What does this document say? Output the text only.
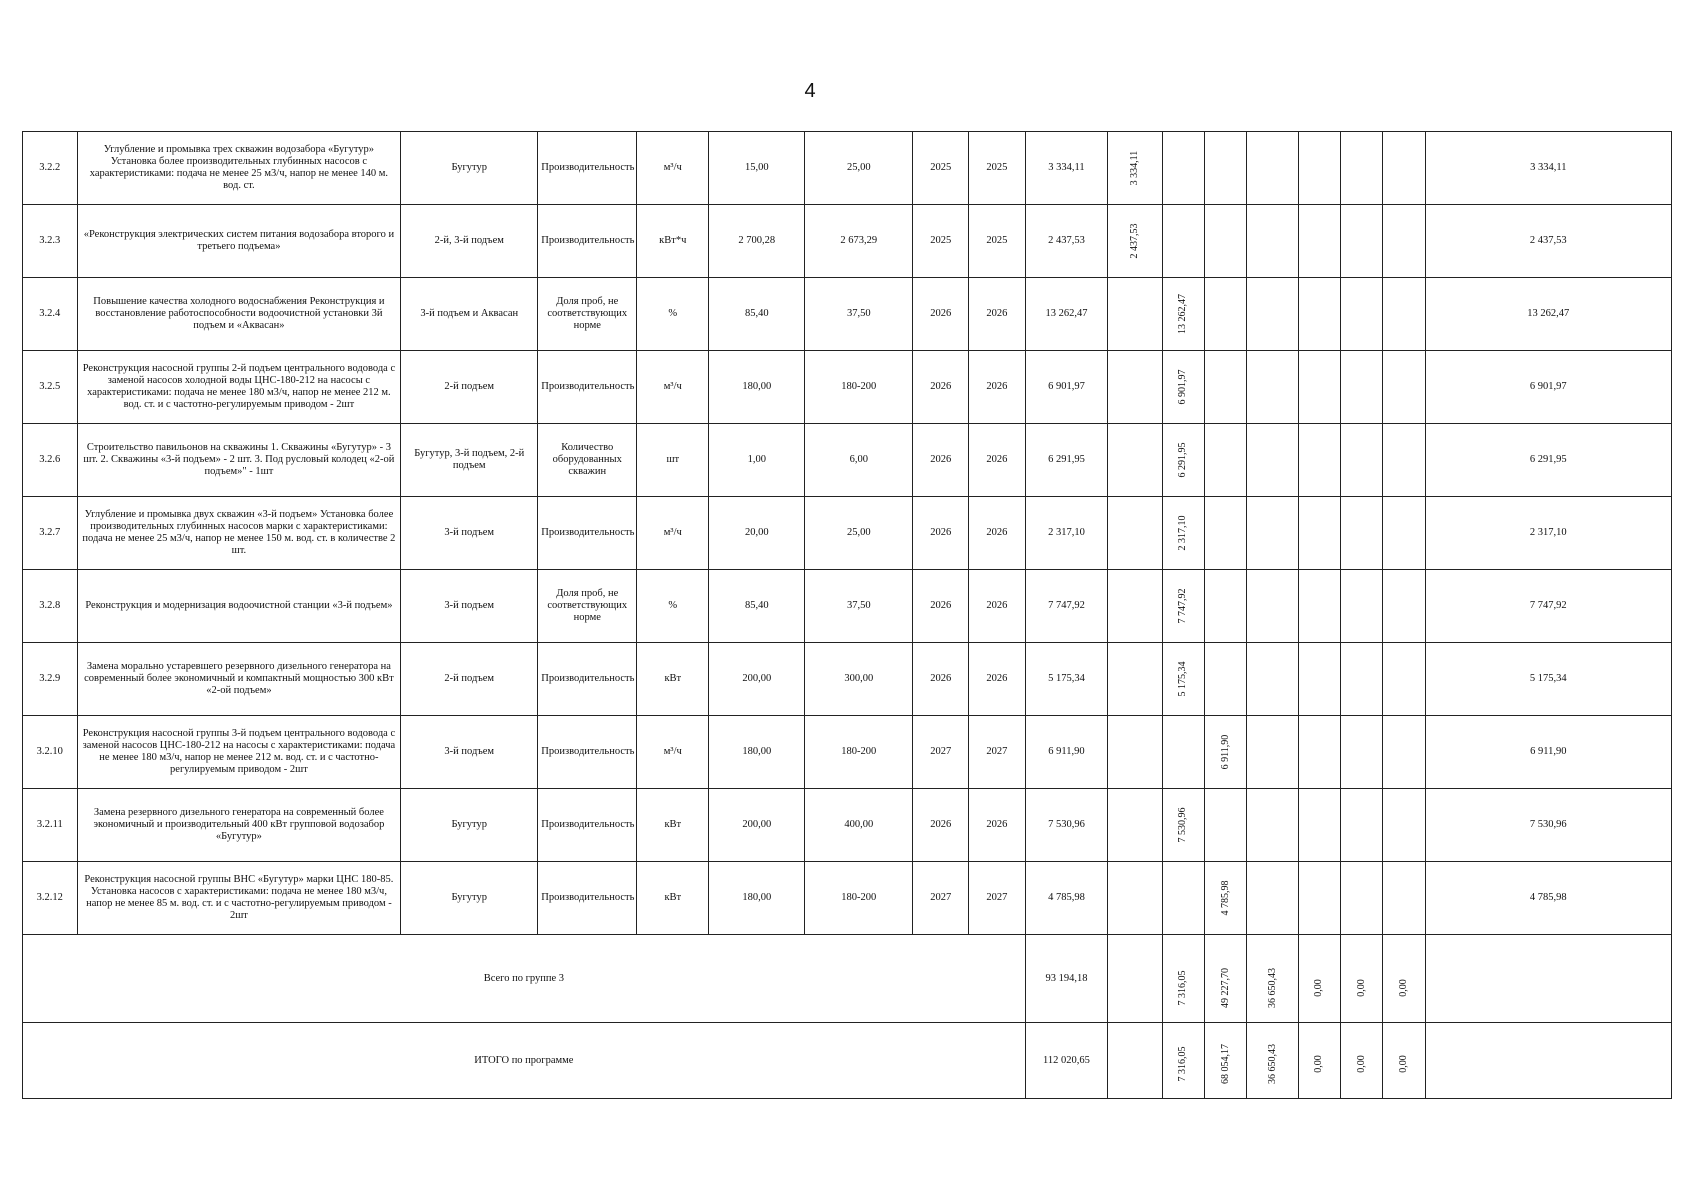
4
3.2.2	Углубление и промывка трех скважин водозабора «Бугутур» Установка более производительных глубинных насосов с характеристиками: подача не менее 25 м3/ч, напор не менее 140 м. вод. ст.	Бугутур	Производительность	м³/ч	15,00	25,00	2025	2025	3 334,11	3 334,11							3 334,11
3.2.3	«Реконструкция электрических систем питания водозабора второго и третьего подъема»	2-й, 3-й подъем	Производительность	кВт*ч	2 700,28	2 673,29	2025	2025	2 437,53	2 437,53							2 437,53
3.2.4	Повышение качества холодного водоснабжения Реконструкция и восстановление работоспособности водоочистной установки 3й подъем и «Аквасан»	3-й подъем и Аквасан	Доля проб, не соответствующих норме	%	85,40	37,50	2026	2026	13 262,47		13 262,47						13 262,47
3.2.5	Реконструкция насосной группы 2-й подъем центрального водовода с заменой насосов холодной воды ЦНС-180-212 на насосы с характеристиками: подача не менее 180 м3/ч, напор не менее 212 м. вод. ст. и с частотно-регулируемым приводом - 2шт	2-й подъем	Производительность	м³/ч	180,00	180-200	2026	2026	6 901,97		6 901,97						6 901,97
3.2.6	Строительство павильонов на скважины 1. Скважины «Бугутур» - 3 шт. 2. Скважины «3-й подъем» - 2 шт. 3. Под русловый колодец «2-ой подъем»" - 1шт	Бугутур, 3-й подъем, 2-й подъем	Количество оборудованных скважин	шт	1,00	6,00	2026	2026	6 291,95		6 291,95						6 291,95
3.2.7	Углубление и промывка двух скважин «3-й подъем» Установка более производительных глубинных насосов марки с характеристиками: подача не менее 25 м3/ч, напор не менее 150 м. вод. ст. в количестве 2 шт.	3-й подъем	Производительность	м³/ч	20,00	25,00	2026	2026	2 317,10		2 317,10						2 317,10
3.2.8	Реконструкция и модернизация водоочистной станции «3-й подъем»	3-й подъем	Доля проб, не соответствующих норме	%	85,40	37,50	2026	2026	7 747,92		7 747,92						7 747,92
3.2.9	Замена морально устаревшего резервного дизельного генератора на современный более экономичный и компактный мощностью 300 кВт «2-ой подъем»	2-й подъем	Производительность	кВт	200,00	300,00	2026	2026	5 175,34		5 175,34						5 175,34
3.2.10	Реконструкция насосной группы 3-й подъем центрального водовода с заменой насосов ЦНС-180-212 на насосы с характеристиками: подача не менее 180 м3/ч, напор не менее 212 м. вод. ст. и с частотно-регулируемым приводом - 2шт	3-й подъем	Производительность	м³/ч	180,00	180-200	2027	2027	6 911,90			6 911,90					6 911,90
3.2.11	Замена резервного дизельного генератора на современный более экономичный и производительный 400 кВт групповой водозабор «Бугутур»	Бугутур	Производительность	кВт	200,00	400,00	2026	2026	7 530,96		7 530,96						7 530,96
3.2.12	Реконструкция насосной группы ВНС «Бугутур» марки ЦНС 180-85. Установка насосов с характеристиками: подача не менее 180 м3/ч, напор не менее 85 м. вод. ст. и с частотно-регулируемым приводом - 2шт	Бугутур	Производительность	кВт	180,00	180-200	2027	2027	4 785,98			4 785,98					4 785,98
Всего по группе 3									93 194,18		7 316,05	49 227,70	36 650,43	0,00	0,00	0,00	

ИТОГО по программе									112 020,65		7 316,05	68 054,17	36 650,43	0,00	0,00	0,00	
